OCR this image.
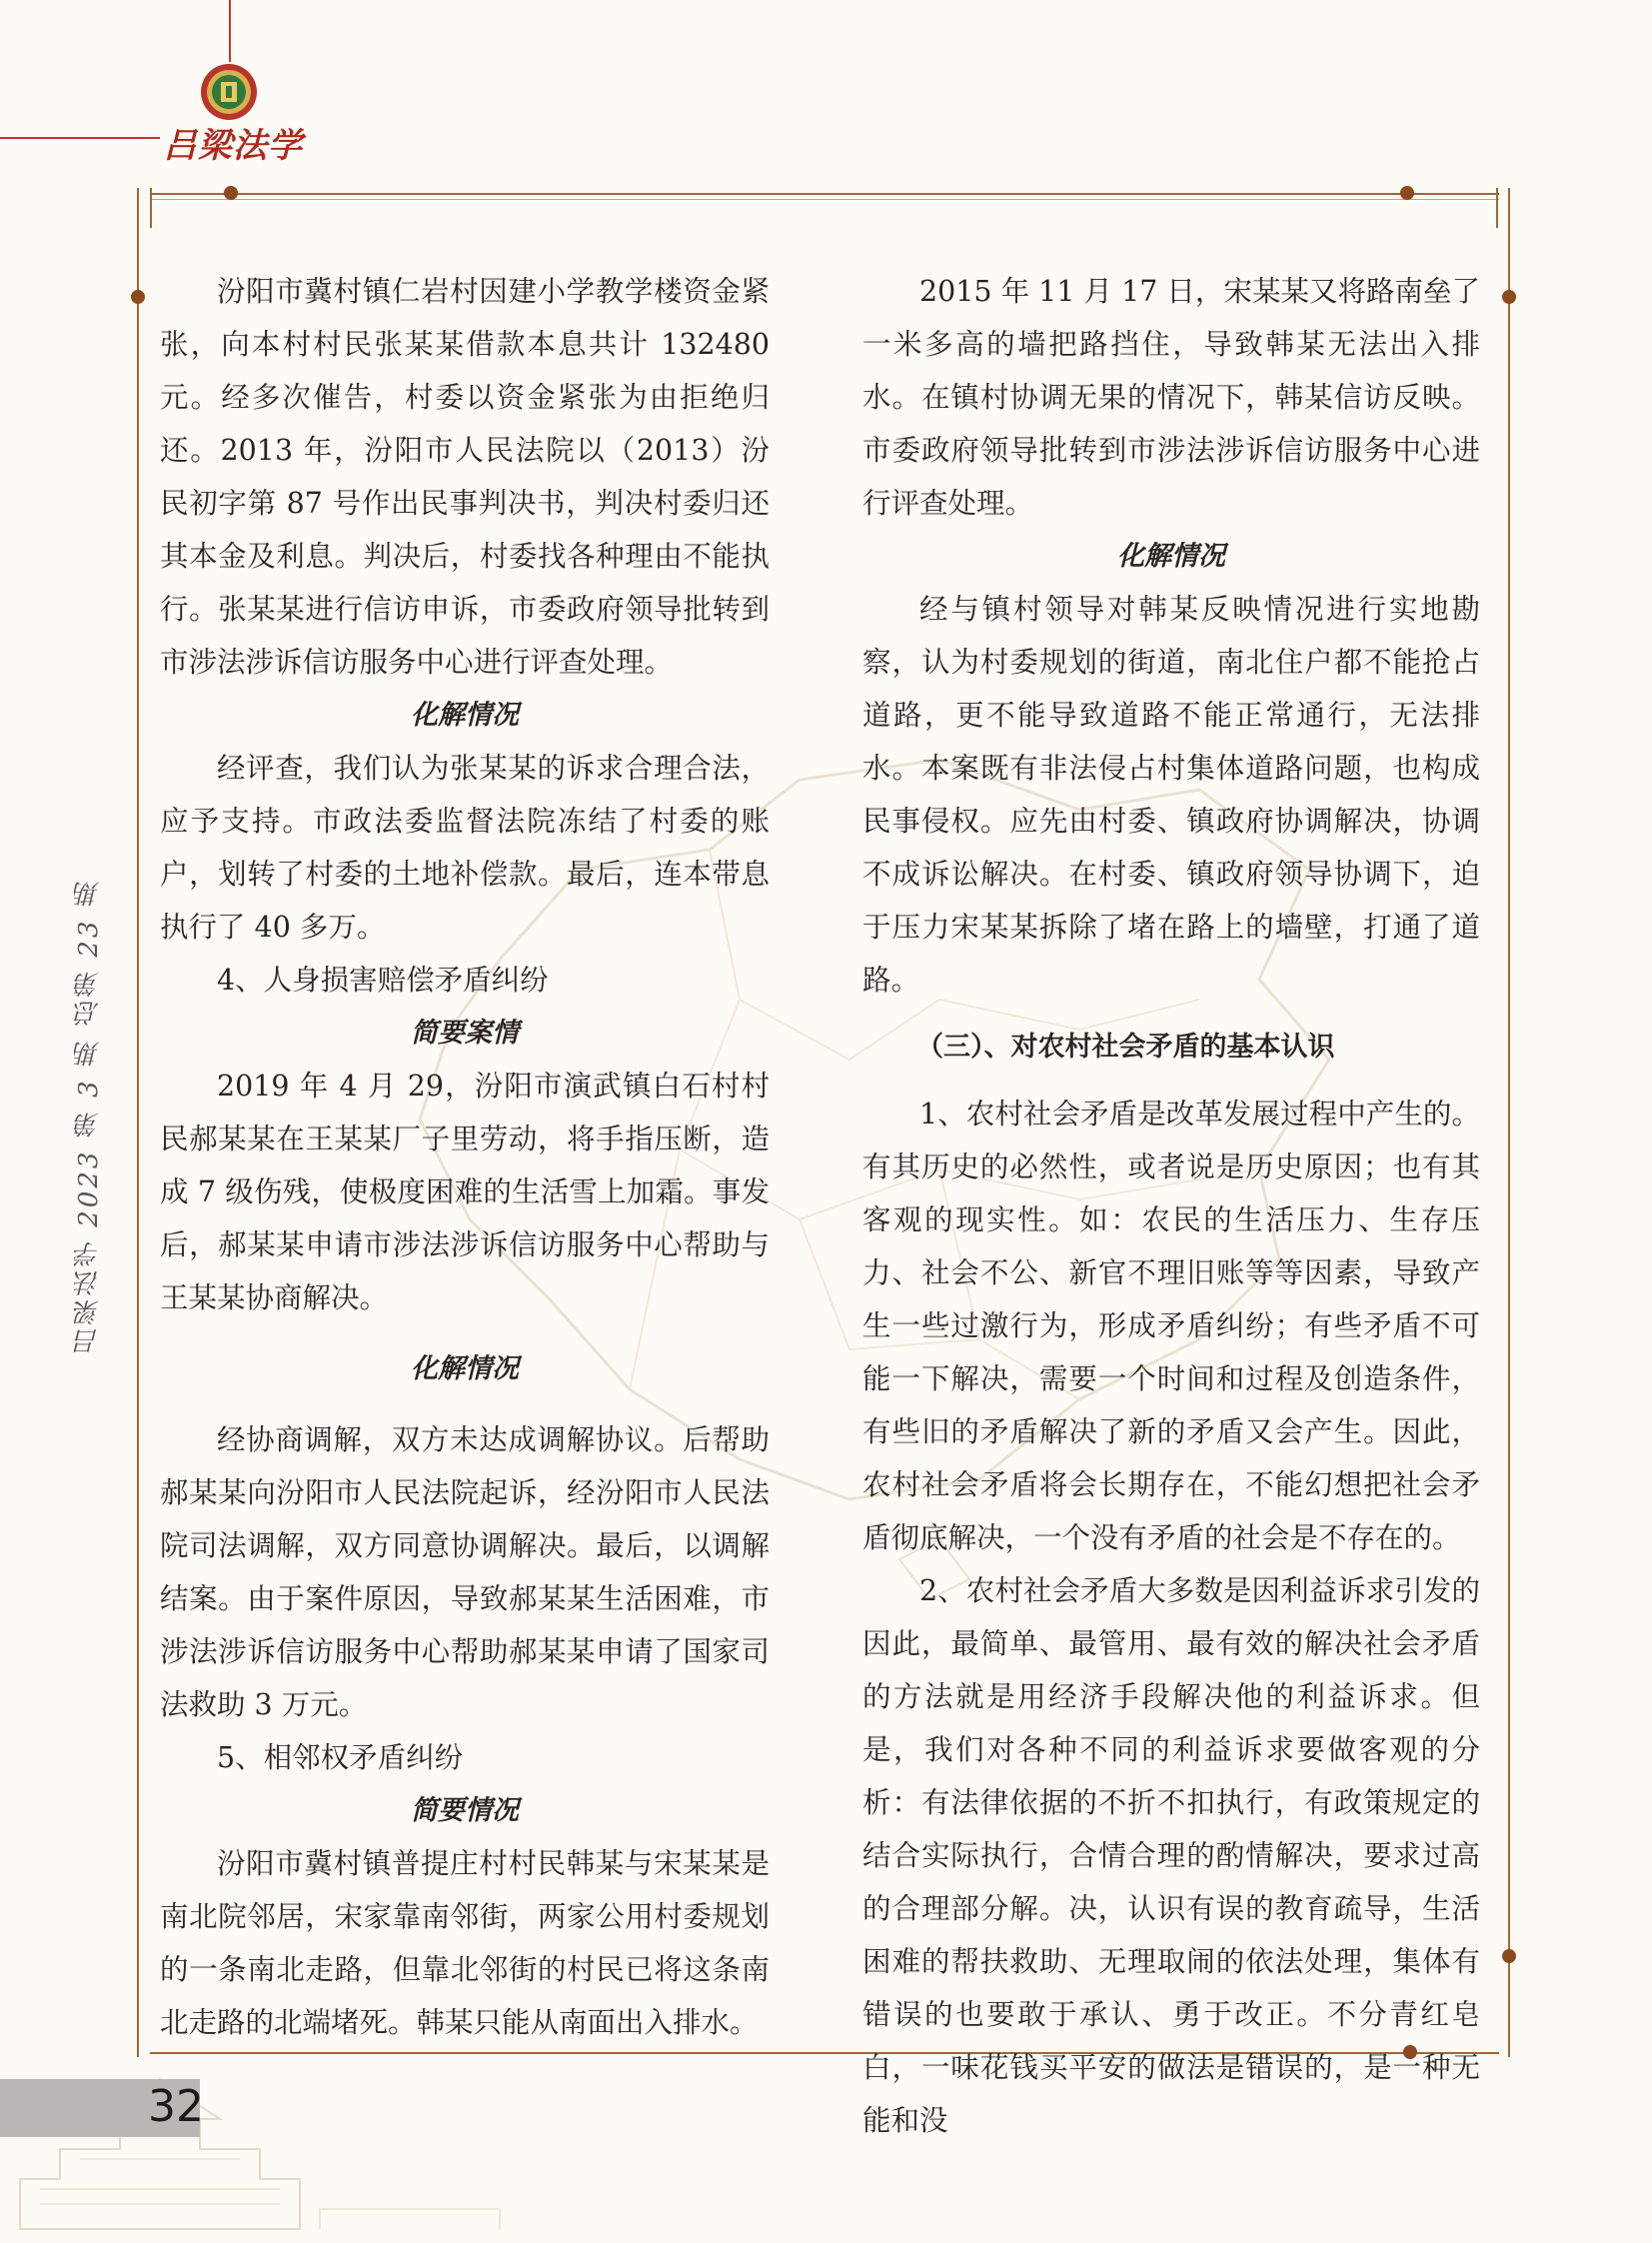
吕梁法学
吕梁法学 2023 第 3 期 总第 23 期

汾阳市冀村镇仁岩村因建小学教学楼资金紧张，向本村村民张某某借款本息共计 132480 元。经多次催告，村委以资金紧张为由拒绝归还。2013 年，汾阳市人民法院以（2013）汾民初字第 87 号作出民事判决书，判决村委归还其本金及利息。判决后，村委找各种理由不能执行。张某某进行信访申诉，市委政府领导批转到市涉法涉诉信访服务中心进行评查处理。

化解情况

经评查，我们认为张某某的诉求合理合法，应予支持。市政法委监督法院冻结了村委的账户，划转了村委的土地补偿款。最后，连本带息执行了 40 多万。

4、人身损害赔偿矛盾纠纷

简要案情

2019 年 4 月 29，汾阳市演武镇白石村村民郝某某在王某某厂子里劳动，将手指压断，造成 7 级伤残，使极度困难的生活雪上加霜。事发后，郝某某申请市涉法涉诉信访服务中心帮助与王某某协商解决。

化解情况

经协商调解，双方未达成调解协议。后帮助郝某某向汾阳市人民法院起诉，经汾阳市人民法院司法调解，双方同意协调解决。最后，以调解结案。由于案件原因，导致郝某某生活困难，市涉法涉诉信访服务中心帮助郝某某申请了国家司法救助 3 万元。

5、相邻权矛盾纠纷

简要情况

汾阳市冀村镇普提庄村村民韩某与宋某某是南北院邻居，宋家靠南邻街，两家公用村委规划的一条南北走路，但靠北邻街的村民已将这条南北走路的北端堵死。韩某只能从南面出入排水。

2015 年 11 月 17 日，宋某某又将路南垒了一米多高的墙把路挡住，导致韩某无法出入排水。在镇村协调无果的情况下，韩某信访反映。市委政府领导批转到市涉法涉诉信访服务中心进行评查处理。

化解情况

经与镇村领导对韩某反映情况进行实地勘察，认为村委规划的街道，南北住户都不能抢占道路，更不能导致道路不能正常通行，无法排水。本案既有非法侵占村集体道路问题，也构成民事侵权。应先由村委、镇政府协调解决，协调不成诉讼解决。在村委、镇政府领导协调下，迫于压力宋某某拆除了堵在路上的墙壁，打通了道路。

（三）、对农村社会矛盾的基本认识

1、农村社会矛盾是改革发展过程中产生的。有其历史的必然性，或者说是历史原因；也有其客观的现实性。如：农民的生活压力、生存压力、社会不公、新官不理旧账等等因素，导致产生一些过激行为，形成矛盾纠纷；有些矛盾不可能一下解决，需要一个时间和过程及创造条件，有些旧的矛盾解决了新的矛盾又会产生。因此，农村社会矛盾将会长期存在，不能幻想把社会矛盾彻底解决，一个没有矛盾的社会是不存在的。

2、农村社会矛盾大多数是因利益诉求引发的因此，最简单、最管用、最有效的解决社会矛盾的方法就是用经济手段解决他的利益诉求。但是，我们对各种不同的利益诉求要做客观的分析：有法律依据的不折不扣执行，有政策规定的结合实际执行，合情合理的酌情解决，要求过高的合理部分解。决，认识有误的教育疏导，生活困难的帮扶救助、无理取闹的依法处理，集体有错误的也要敢于承认、勇于改正。不分青红皂白，一味花钱买平安的做法是错误的，是一种无能和没

32
